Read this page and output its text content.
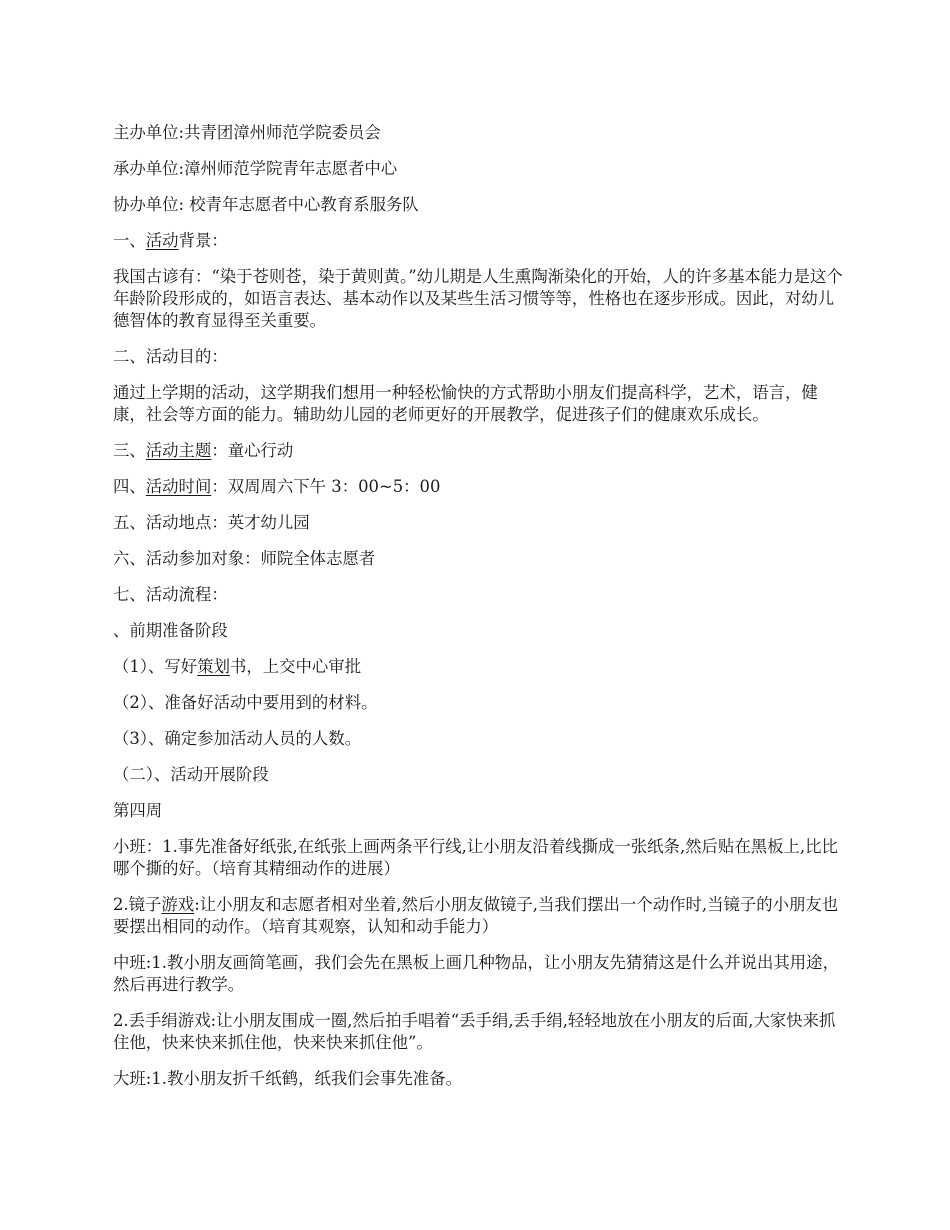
主办单位:共青团漳州师范学院委员会

承办单位:漳州师范学院青年志愿者中心

协办单位: 校青年志愿者中心教育系服务队

一、活动背景：

我国古谚有：“染于苍则苍，染于黄则黄。”幼儿期是人生熏陶渐染化的开始，人的许多基本能力是这个年龄阶段形成的，如语言表达、基本动作以及某些生活习惯等等，性格也在逐步形成。因此，对幼儿德智体的教育显得至关重要。

二、活动目的：

通过上学期的活动，这学期我们想用一种轻松愉快的方式帮助小朋友们提高科学，艺术，语言，健康，社会等方面的能力。辅助幼儿园的老师更好的开展教学，促进孩子们的健康欢乐成长。

三、活动主题：童心行动

四、活动时间：双周周六下午 3：00~5：00

五、活动地点：英才幼儿园

六、活动参加对象：师院全体志愿者

七、活动流程：

、前期准备阶段

（1）、写好策划书，上交中心审批

（2）、准备好活动中要用到的材料。

（3）、确定参加活动人员的人数。

（二）、活动开展阶段

第四周

小班：1.事先准备好纸张,在纸张上画两条平行线,让小朋友沿着线撕成一张纸条,然后贴在黑板上,比比哪个撕的好。（培育其精细动作的进展）

2.镜子游戏:让小朋友和志愿者相对坐着,然后小朋友做镜子,当我们摆出一个动作时,当镜子的小朋友也要摆出相同的动作。（培育其观察，认知和动手能力）

中班:1.教小朋友画简笔画，我们会先在黑板上画几种物品，让小朋友先猜猜这是什么并说出其用途，然后再进行教学。

2.丢手绢游戏:让小朋友围成一圈,然后拍手唱着“丢手绢,丢手绢,轻轻地放在小朋友的后面,大家快来抓住他，快来快来抓住他，快来快来抓住他”。

大班:1.教小朋友折千纸鹤，纸我们会事先准备。
